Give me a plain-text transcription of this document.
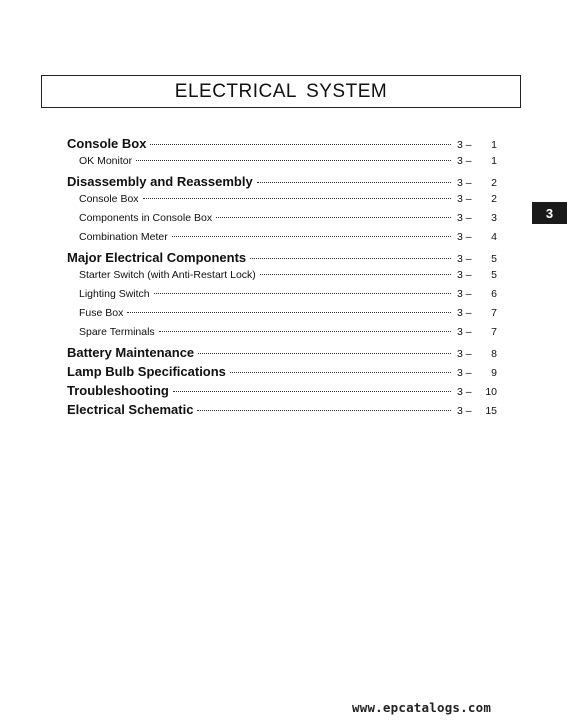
ELECTRICAL SYSTEM
Console Box	3 –	1
OK Monitor	3 –	1
Disassembly and Reassembly	3 –	2
Console Box	3 –	2
Components in Console Box	3 –	3
Combination Meter	3 –	4
Major Electrical Components	3 –	5
Starter Switch (with Anti-Restart Lock)	3 –	5
Lighting Switch	3 –	6
Fuse Box	3 –	7
Spare Terminals	3 –	7
Battery Maintenance	3 –	8
Lamp Bulb Specifications	3 –	9
Troubleshooting	3 – 10
Electrical Schematic	3 – 15
3
www.epcatalogs.com
